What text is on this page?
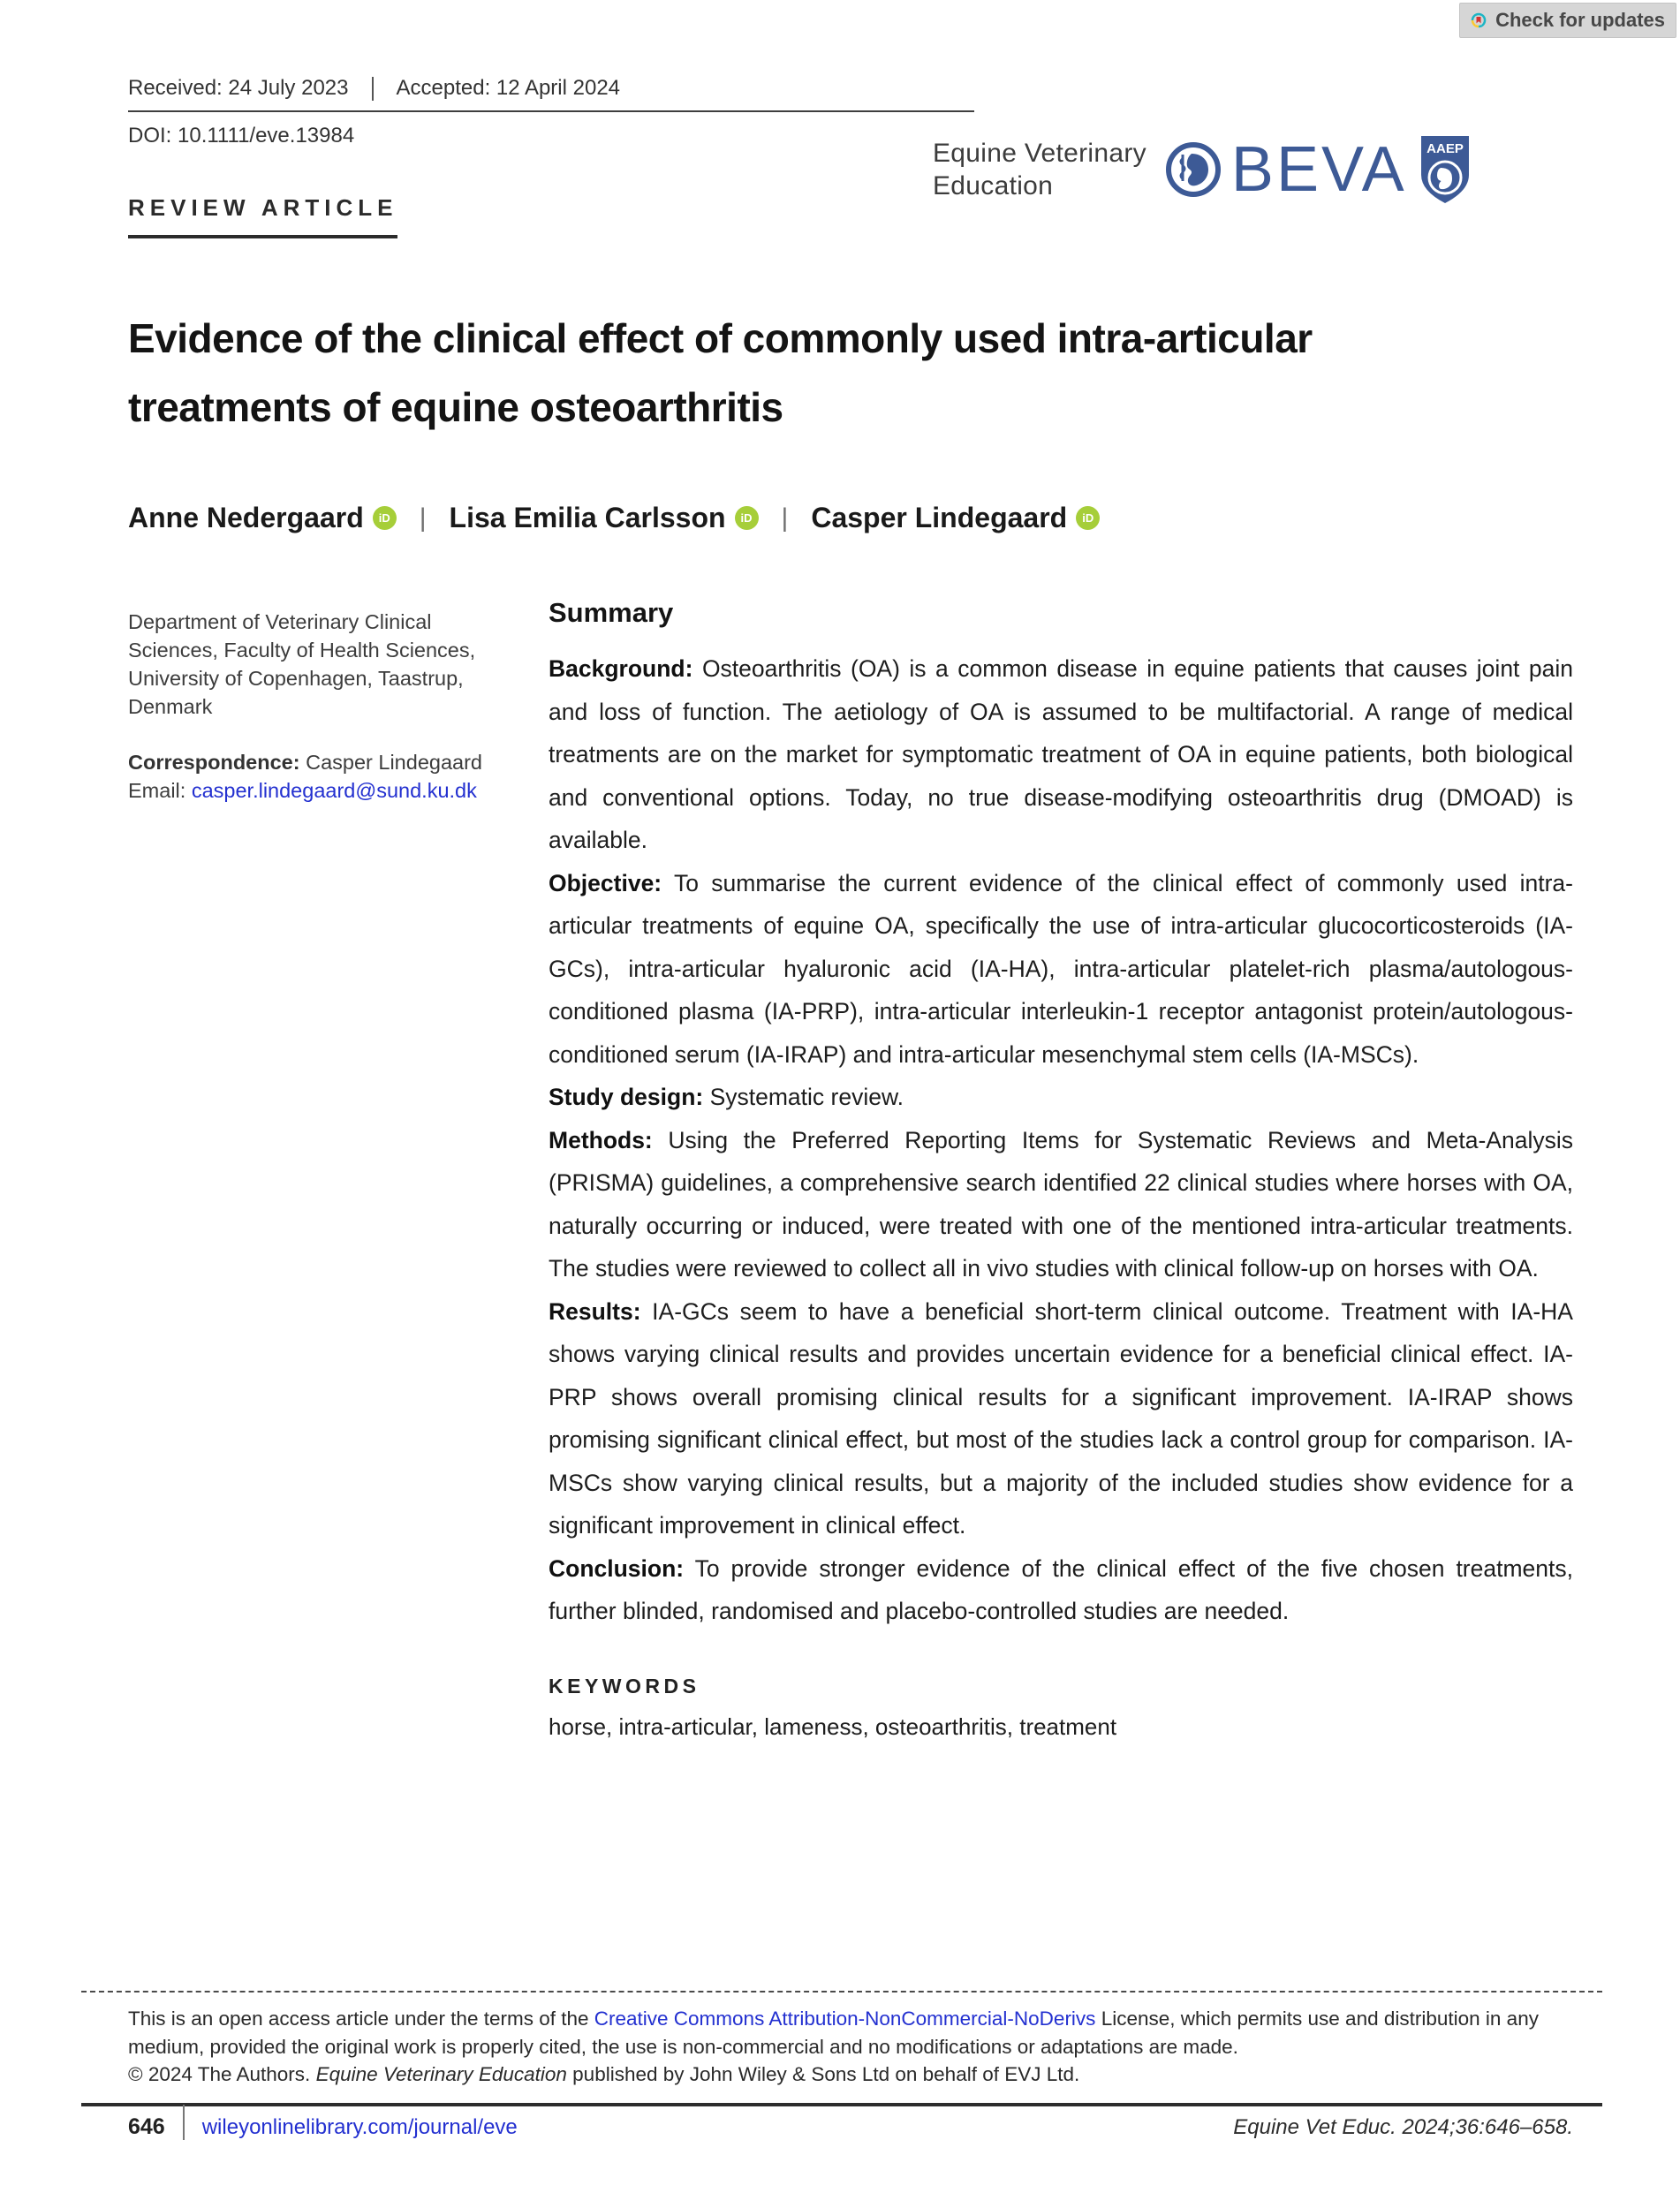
Check for updates
Received: 24 July 2023 Accepted: 12 April 2024
DOI: 10.1111/eve.13984
Equine Veterinary
Education	BEVA AAEP
REVIEW ARTICLE
Evidence of the clinical effect of commonly used intra-articular
treatments of equine osteoarthritis
Anne Nedergaard	iD | Lisa Emilia Carlsson	iD | Casper Lindegaard	iD
Department of Veterinary Clinical Sciences, Faculty of Health Sciences, University of Copenhagen, Taastrup, Denmark
Correspondence: Casper Lindegaard
Email: casper.lindegaard@sund.ku.dk
Summary

Background: Osteoarthritis (OA) is a common disease in equine patients that causes joint pain and loss of function. The aetiology of OA is assumed to be multifactorial. A range of medical treatments are on the market for symptomatic treatment of OA in equine patients, both biological and conventional options. Today, no true disease-modifying osteoarthritis drug (DMOAD) is available.

Objective: To summarise the current evidence of the clinical effect of commonly used intra-articular treatments of equine OA, specifically the use of intra-articular glucocorticosteroids (IA-GCs), intra-articular hyaluronic acid (IA-HA), intra-articular platelet-rich plasma/autologous-conditioned plasma (IA-PRP), intra-articular interleukin-1 receptor antagonist protein/autologous-conditioned serum (IA-IRAP) and intra-articular mesenchymal stem cells (IA-MSCs).

Study design: Systematic review.

Methods: Using the Preferred Reporting Items for Systematic Reviews and Meta-Analysis (PRISMA) guidelines, a comprehensive search identified 22 clinical studies where horses with OA, naturally occurring or induced, were treated with one of the mentioned intra-articular treatments. The studies were reviewed to collect all in vivo studies with clinical follow-up on horses with OA.

Results: IA-GCs seem to have a beneficial short-term clinical outcome. Treatment with IA-HA shows varying clinical results and provides uncertain evidence for a beneficial clinical effect. IA-PRP shows overall promising clinical results for a significant improvement. IA-IRAP shows promising significant clinical effect, but most of the studies lack a control group for comparison. IA-MSCs show varying clinical results, but a majority of the included studies show evidence for a significant improvement in clinical effect.

Conclusion: To provide stronger evidence of the clinical effect of the five chosen treatments, further blinded, randomised and placebo-controlled studies are needed.

KEYWORDS
horse, intra-articular, lameness, osteoarthritis, treatment

This is an open access article under the terms of the Creative Commons Attribution-NonCommercial-NoDerivs License, which permits use and distribution in any medium, provided the original work is properly cited, the use is non-commercial and no modifications or adaptations are made.

© 2024 The Authors. Equine Veterinary Education published by John Wiley & Sons Ltd on behalf of EVJ Ltd.

646 wileyonlinelibrary.com/journal/eve	Equine Vet Educ. 2024;36:646–658.
